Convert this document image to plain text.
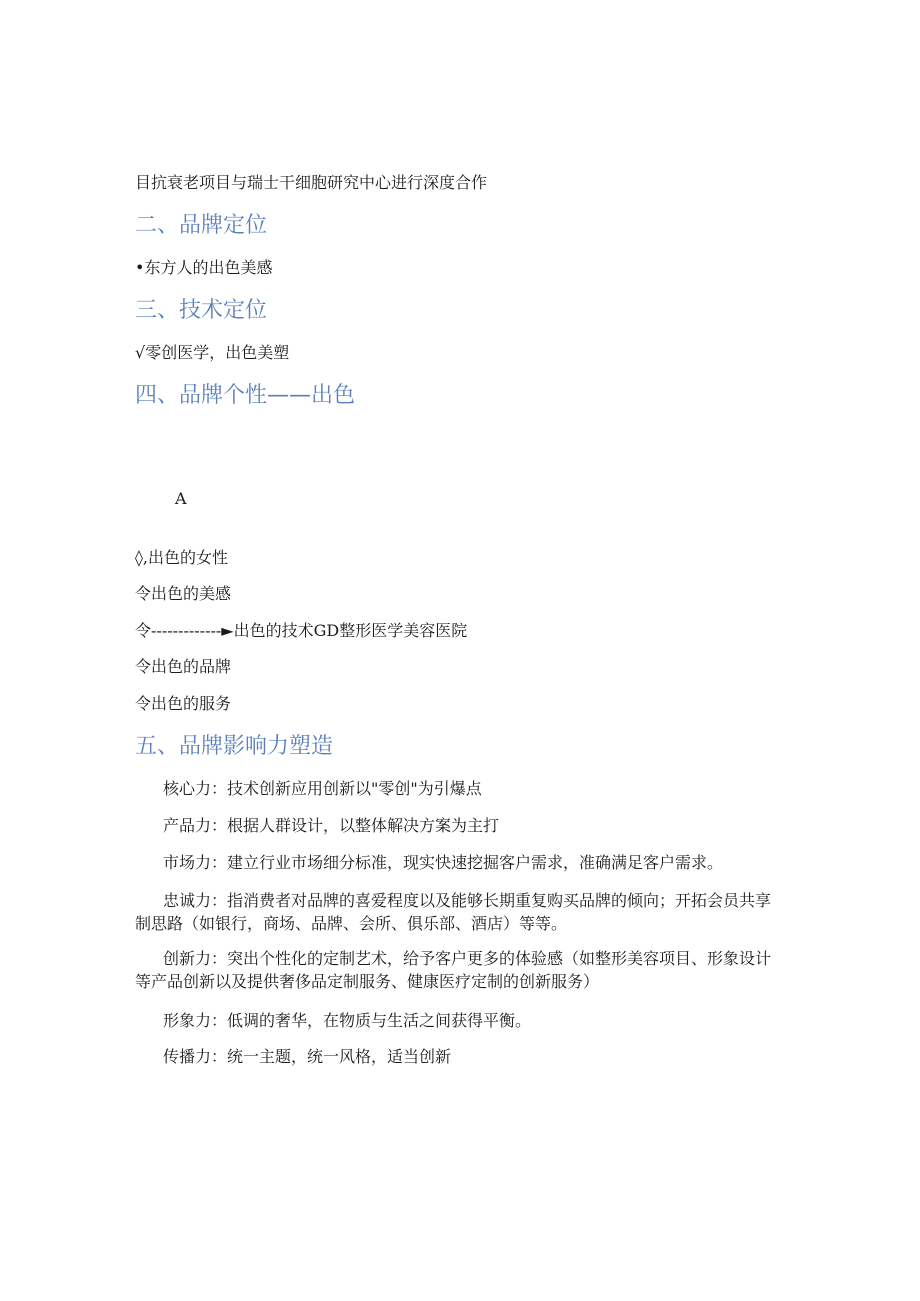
目抗衰老项目与瑞士干细胞研究中心进行深度合作
二、品牌定位
•东方人的出色美感
三、技术定位
√零创医学，出色美塑
四、品牌个性——出色
A
◊,出色的女性
令出色的美感
令-------------►出色的技术GD整形医学美容医院
令出色的品牌
令出色的服务
五、品牌影响力塑造
核心力：技术创新应用创新以"零创"为引爆点
产品力：根据人群设计，以整体解决方案为主打
市场力：建立行业市场细分标准，现实快速挖掘客户需求，准确满足客户需求。
忠诚力：指消费者对品牌的喜爱程度以及能够长期重复购买品牌的倾向；开拓会员共享制思路（如银行，商场、品牌、会所、俱乐部、酒店）等等。
创新力：突出个性化的定制艺术，给予客户更多的体验感（如整形美容项目、形象设计等产品创新以及提供奢侈品定制服务、健康医疗定制的创新服务）
形象力：低调的奢华，在物质与生活之间获得平衡。
传播力：统一主题，统一风格，适当创新
